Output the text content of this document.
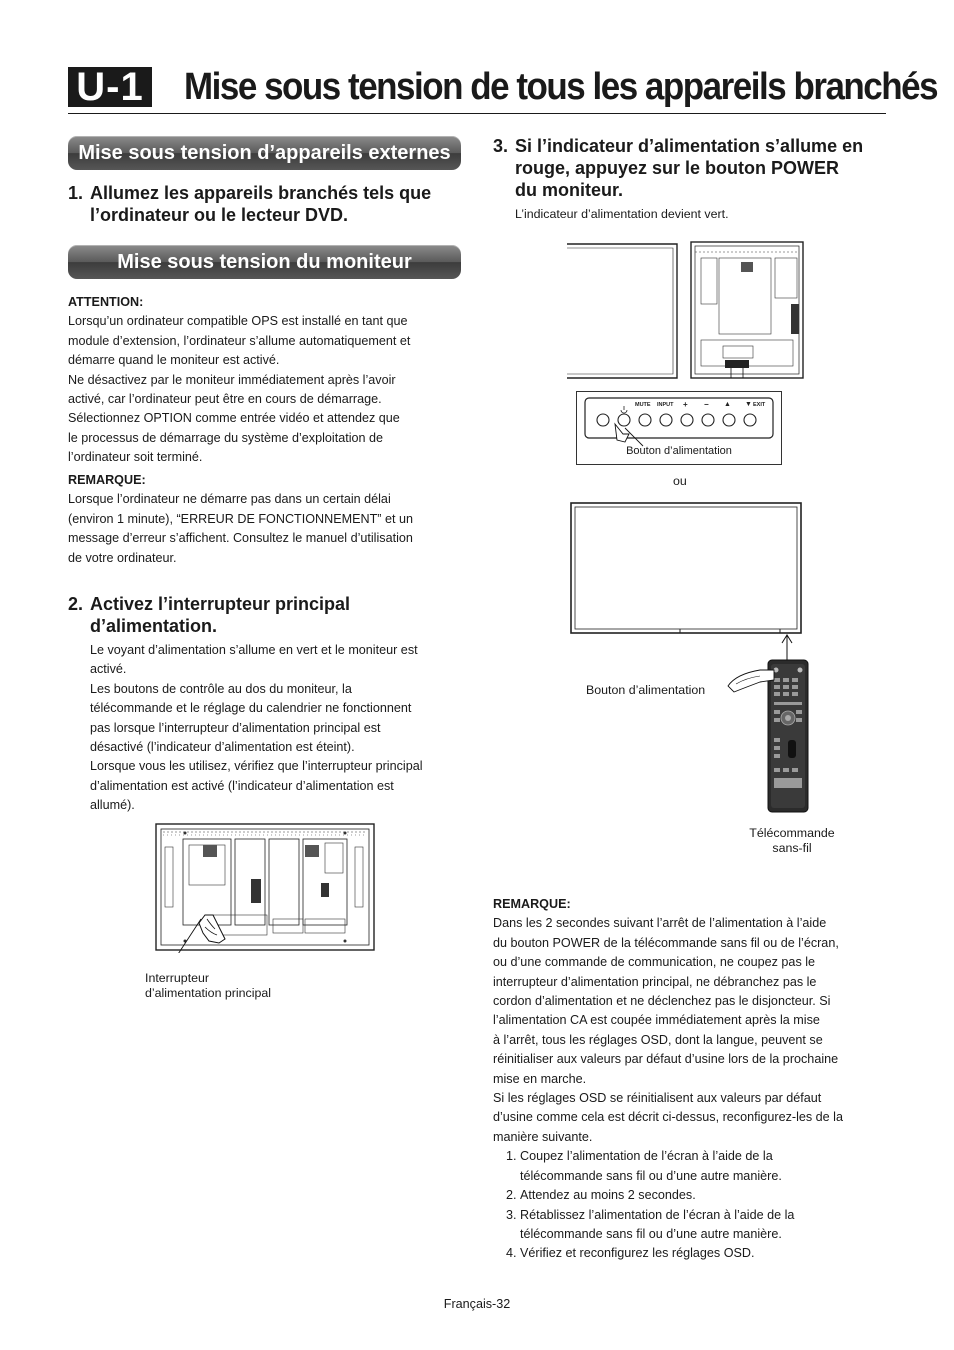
U-1 Mise sous tension de tous les appareils branchés
Mise sous tension d’appareils externes
1. Allumez les appareils branchés tels que
l’ordinateur ou le lecteur DVD.
Mise sous tension du moniteur
ATTENTION:
Lorsqu’un ordinateur compatible OPS est installé en tant que
module d’extension, l’ordinateur s’allume automatiquement et
démarre quand le moniteur est activé.
Ne désactivez par le moniteur immédiatement après l’avoir
activé, car l’ordinateur peut être en cours de démarrage.
Sélectionnez OPTION comme entrée vidéo et attendez que
le processus de démarrage du système d’exploitation de
l’ordinateur soit terminé.
REMARQUE:
Lorsque l’ordinateur ne démarre pas dans un certain délai
(environ 1 minute), “ERREUR DE FONCTIONNEMENT” et un
message d’erreur s’affichent. Consultez le manuel d’utilisation
de votre ordinateur.
2. Activez l’interrupteur principal
d’alimentation.
Le voyant d’alimentation s’allume en vert et le moniteur est
activé.
Les boutons de contrôle au dos du moniteur, la
télécommande et le réglage du calendrier ne fonctionnent
pas lorsque l’interrupteur d’alimentation principal est
désactivé (l’indicateur d’alimentation est éteint).
Lorsque vous les utilisez, vérifiez que l’interrupteur principal
d’alimentation est activé (l’indicateur d’alimentation est
allumé).
Interrupteur
d’alimentation principal
3. Si l’indicateur d’alimentation s’allume en
rouge, appuyez sur le bouton POWER
du moniteur.
L’indicateur d’alimentation devient vert.
MUTE INPUT + − ▲ ▼ EXIT
Bouton d’alimentation
ou
Bouton d’alimentation
Télécommande
sans-fil
REMARQUE:
Dans les 2 secondes suivant l’arrêt de l’alimentation à l’aide
du bouton POWER de la télécommande sans fil ou de l’écran,
ou d’une commande de communication, ne coupez pas le
interrupteur d’alimentation principal, ne débranchez pas le
cordon d’alimentation et ne déclenchez pas le disjoncteur. Si
l’alimentation CA est coupée immédiatement après la mise
à l’arrêt, tous les réglages OSD, dont la langue, peuvent se
réinitialiser aux valeurs par défaut d’usine lors de la prochaine
mise en marche.
Si les réglages OSD se réinitialisent aux valeurs par défaut
d’usine comme cela est décrit ci-dessus, reconfigurez-les de la
manière suivante.
1. Coupez l’alimentation de l’écran à l’aide de la
télécommande sans fil ou d’une autre manière.
2. Attendez au moins 2 secondes.
3. Rétablissez l’alimentation de l’écran à l’aide de la
télécommande sans fil ou d’une autre manière.
4. Vérifiez et reconfigurez les réglages OSD.
Français-32
